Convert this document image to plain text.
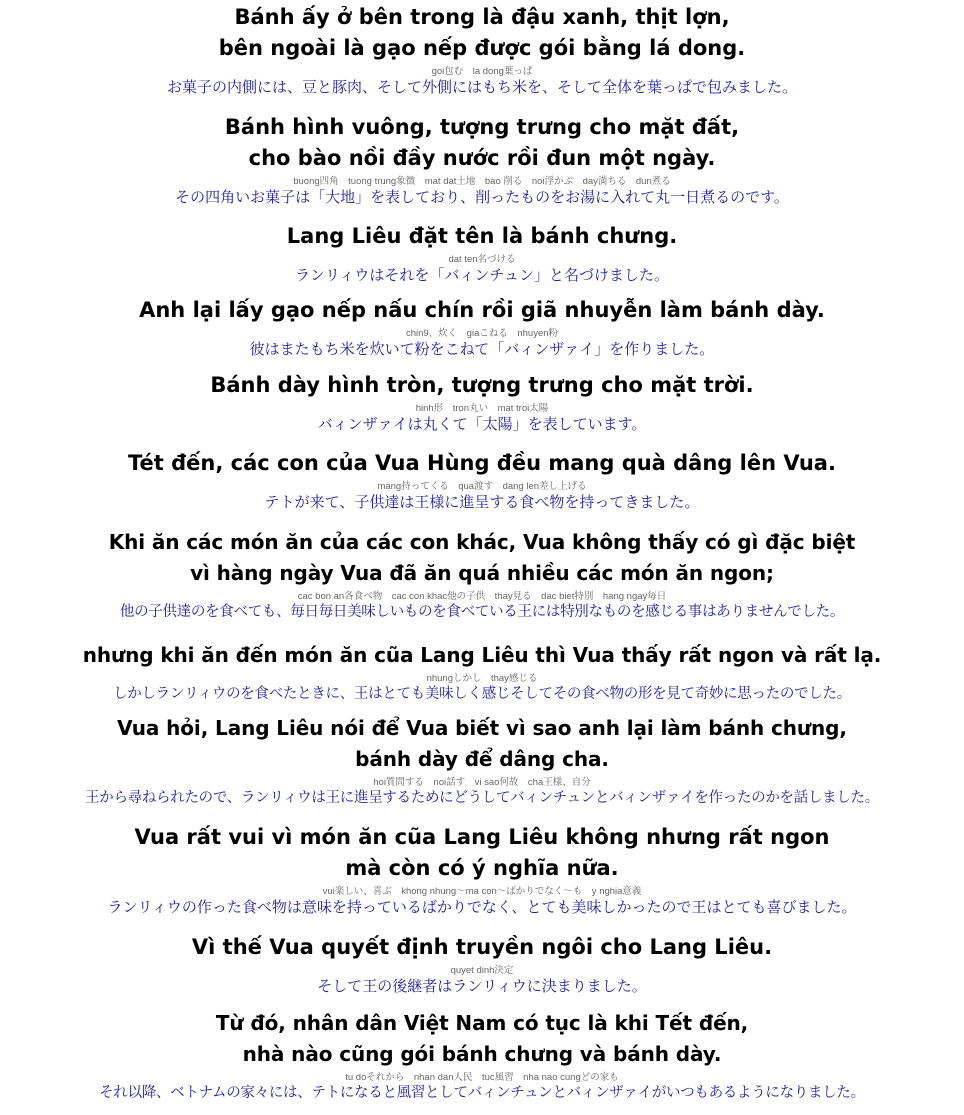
Bánh ấy ở bên trong là đậu xanh, thịt lợn,
bên ngoài là gạo nếp được gói bằng lá dong.
goi包む　la dong葉っぱ
お菓子の内側には、豆と豚肉、そして外側にはもち米を、そして全体を葉っぱで包みました。
Bánh hình vuông, tượng trưng cho mặt đất,
cho bào nồi đầy nước rồi đun một ngày.
buong四角　tuong trung象徴　mat dat土地　bao 削る　noi浮かぶ　day満ちる　dun煮る
その四角いお菓子は「大地」を表しており、削ったものをお湯に入れて丸一日煮るのです。
Lang Liêu đặt tên là bánh chưng.
dat ten名づける
ランリィウはそれを「バィンチュン」と名づけました。
Anh lại lấy gạo nếp nấu chín rồi giã nhuyễn làm bánh dày.
chin9、炊く　giaこねる　nhuyen粉
彼はまたもち米を炊いて粉をこねて「バィンザァイ」を作りました。
Bánh dày hình tròn, tượng trưng cho mặt trời.
hinh形　tron丸い　mat troi太陽
バィンザァイは丸くて「太陽」を表しています。
Tét đến, các con của Vua Hùng đều mang quà dâng lên Vua.
mang持ってくる　qua渡す　dang len差し上げる
テトが来て、子供達は王様に進呈する食べ物を持ってきました。
Khi ăn các món ăn của các con khác, Vua không thấy có gì đặc biệt
vì hàng ngày Vua đã ăn quá nhiều các món ăn ngon;
cac bon an各食べ物　cac con khac他の子供　thay見る　dac biet特別　hang ngay毎日
他の子供達のを食べても、毎日毎日美味しいものを食べている王には特別なものを感じる事はありませんでした。
nhưng khi ăn đến món ăn cũa Lang Liêu thì Vua thấy rất ngon và rất lạ.
nhungしかし　thay感じる
しかしランリィウのを食べたときに、王はとても美味しく感じそしてその食べ物の形を見て奇妙に思ったのでした。
Vua hỏi, Lang Liêu nói để Vua biết vì sao anh lại làm bánh chưng,
bánh dày để dâng cha.
hoi質問する　noi話す　vi sao何故　cha王様、自分
王から尋ねられたので、ランリィウは王に進呈するためにどうしてバィンチュンとバィンザァイを作ったのかを話しました。
Vua rất vui vì món ăn cũa Lang Liêu không nhưng rất ngon
mà còn có ý nghĩa nữa.
vui楽しい、喜ぶ　khong nhung～ma con～ばかりでなく～も　y nghia意義
ランリィウの作った食べ物は意味を持っているばかりでなく、とても美味しかったので王はとても喜びました。
Vì thế Vua quyết định truyền ngôi cho Lang Liêu.
quyet dinh決定
そして王の後継者はランリィウに決まりました。
Từ đó, nhân dân Việt Nam có tục là khi Tết đến,
nhà nào cũng gói bánh chưng và bánh dày.
tu doそれから　nhan dan人民　tuc風習　nha nao cungどの家も
それ以降、ベトナムの家々には、テトになると風習としてバィンチュンとバィンザァイがいつもあるようになりました。
